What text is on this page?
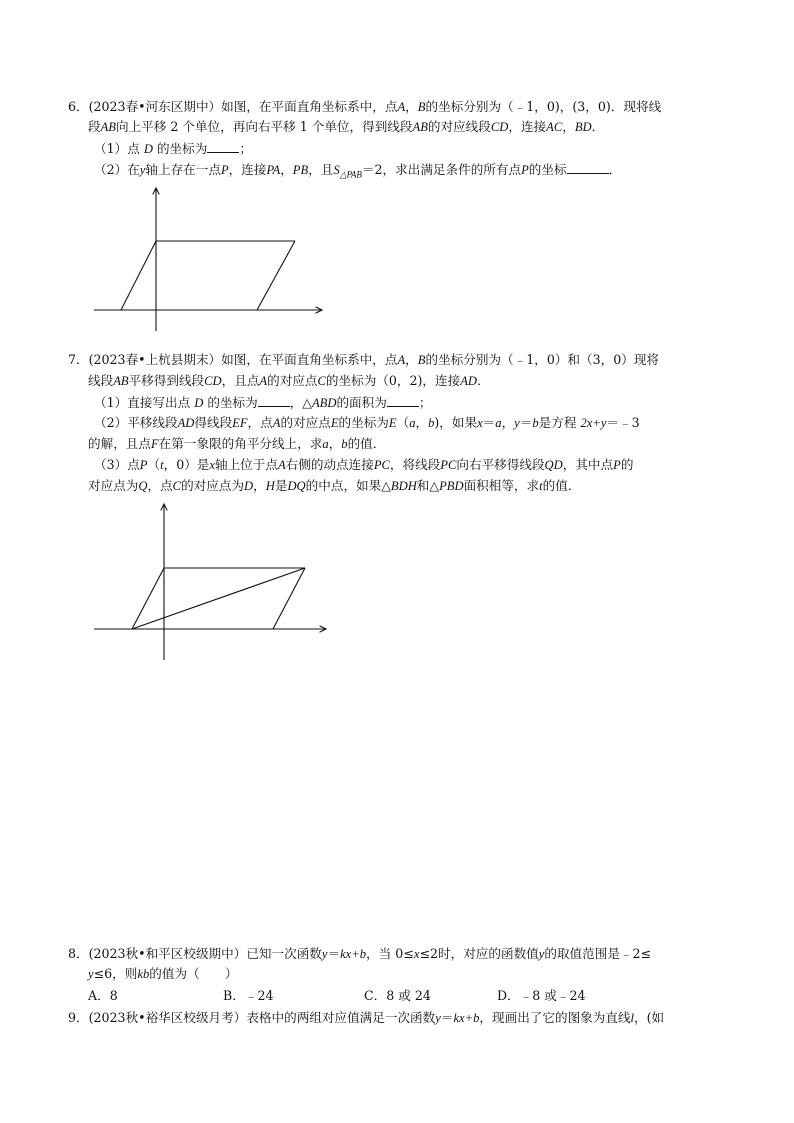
6．(2023春•河东区期中）如图，在平面直角坐标系中，点A，B的坐标分别为（﹣1，0)，(3，0)．现将线
段AB向上平移 2 个单位，再向右平移 1 个单位，得到线段AB的对应线段CD，连接AC，BD．
（1）点 D 的坐标为	；
（2）在y轴上存在一点P，连接PA，PB，且$S_{\triangle PAB}=2$，求出满足条件的所有点P的坐标	．
7．(2023春•上杭县期末）如图，在平面直角坐标系中，点A，B的坐标分别为（﹣1，0）和（3，0）现将
线段AB平移得到线段CD，且点A的对应点C的坐标为（0，2)，连接AD．
（1）直接写出点 D 的坐标为	，△ABD的面积为	；
（2）平移线段AD得线段EF，点A的对应点E的坐标为E（a，b)，如果x＝a，y＝b是方程 2x+y＝﹣3
的解，且点F在第一象限的角平分线上，求a，b的值．
（3）点P（t，0）是x轴上位于点A右侧的动点连接PC，将线段PC向右平移得线段QD，其中点P的
对应点为Q，点C的对应点为D，H是DQ的中点，如果△BDH和△PBD面积相等，求t的值．
8．(2023秋•和平区校级期中）已知一次函数y＝kx+b，当 0≤x≤2时，对应的函数值y的取值范围是﹣2≤
y≤6，则kb的值为（　　）
A．8	B．﹣24	C．8 或 24	D．﹣8 或﹣24
9．(2023秋•裕华区校级月考）表格中的两组对应值满足一次函数y＝kx+b，现画出了它的图象为直线l，(如
